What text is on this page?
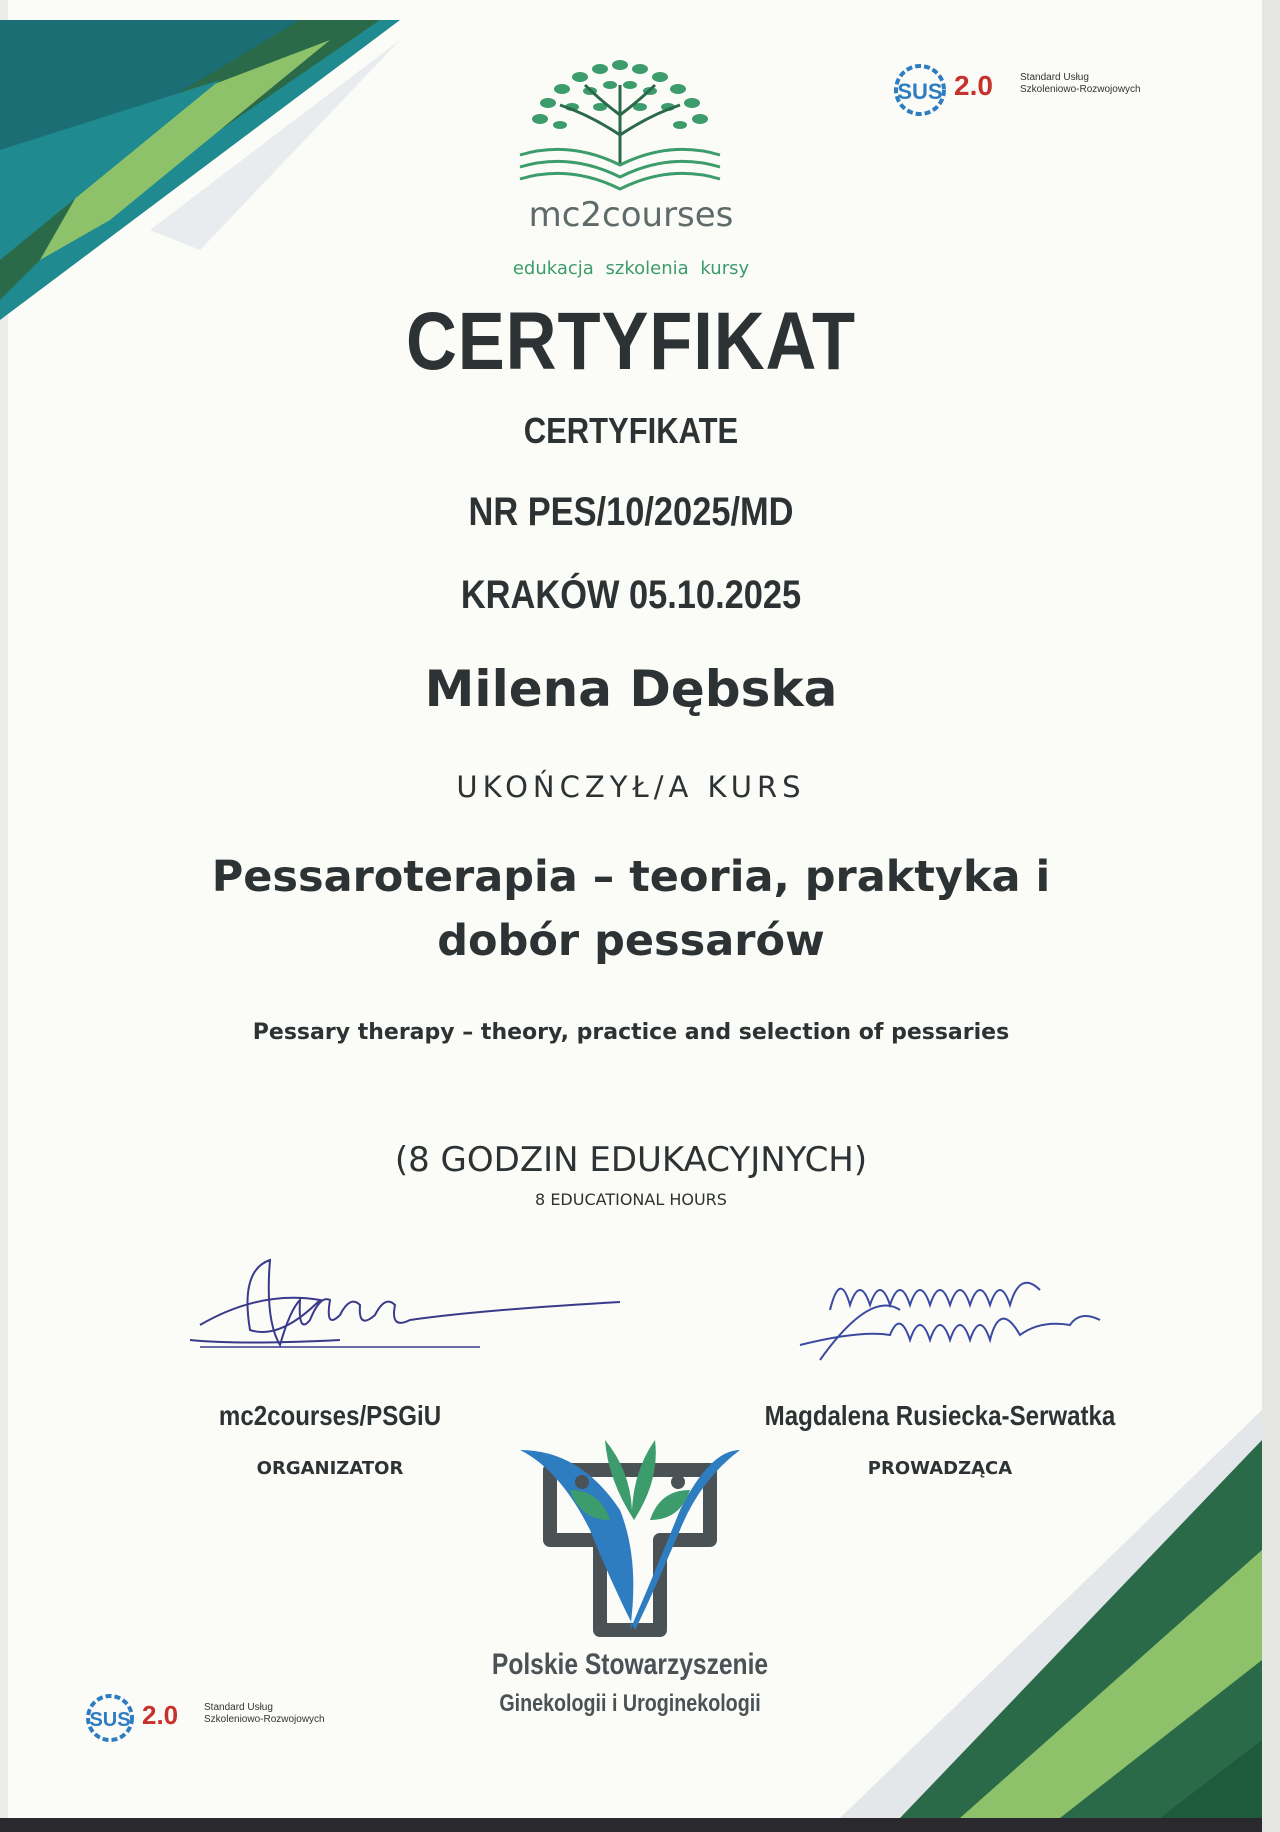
mc2courses
edukacja szkolenia kursy
SUS 2.0	Standard Usług
Szkoleniowo-Rozwojowych
CERTYFIKAT
CERTYFIKATE
NR PES/10/2025/MD
KRAKÓW 05.10.2025
Milena Dębska
UKOŃCZYŁ/A KURS
Pessaroterapia – teoria, praktyka i
dobór pessarów
Pessary therapy – theory, practice and selection of pessaries
(8 GODZIN EDUKACYJNYCH)
8 EDUCATIONAL HOURS
mc2courses/PSGiU
ORGANIZATOR
Magdalena Rusiecka-Serwatka
PROWADZĄCA
Polskie Stowarzyszenie
Ginekologii i Uroginekologii
SUS 2.0	Standard Usług
Szkoleniowo-Rozwojowych
